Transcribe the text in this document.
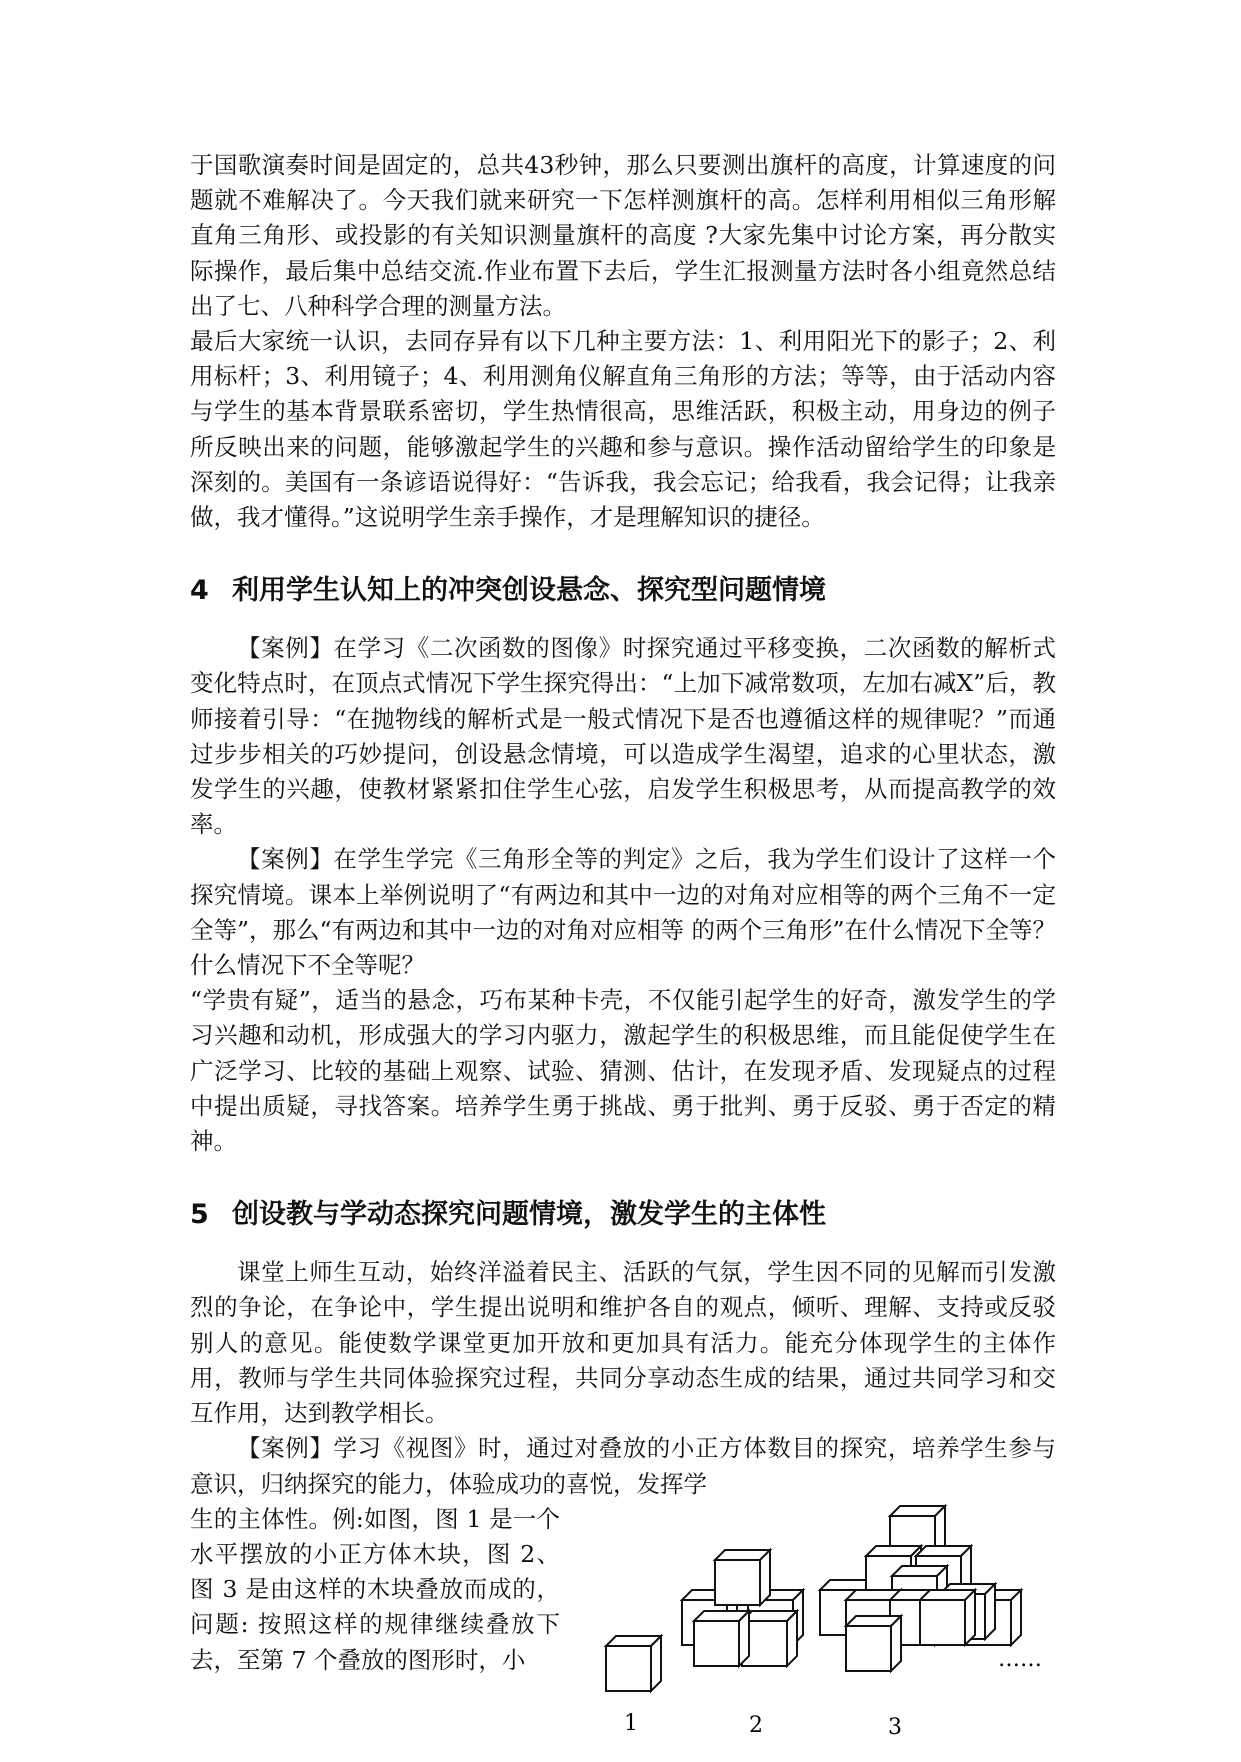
于国歌演奏时间是固定的，总共43秒钟，那么只要测出旗杆的高度，计算速度的问题就不难解决了。今天我们就来研究一下怎样测旗杆的高。怎样利用相似三角形解直角三角形、或投影的有关知识测量旗杆的高度 ?大家先集中讨论方案，再分散实际操作，最后集中总结交流.作业布置下去后，学生汇报测量方法时各小组竟然总结出了七、八种科学合理的测量方法。

最后大家统一认识，去同存异有以下几种主要方法：1、利用阳光下的影子；2、利用标杆；3、利用镜子；4、利用测角仪解直角三角形的方法；等等，由于活动内容与学生的基本背景联系密切，学生热情很高，思维活跃，积极主动，用身边的例子所反映出来的问题，能够激起学生的兴趣和参与意识。操作活动留给学生的印象是深刻的。美国有一条谚语说得好：“告诉我，我会忘记；给我看，我会记得；让我亲做，我才懂得。”这说明学生亲手操作，才是理解知识的捷径。

4 利用学生认知上的冲突创设悬念、探究型问题情境

【案例】在学习《二次函数的图像》时探究通过平移变换，二次函数的解析式变化特点时，在顶点式情况下学生探究得出：“上加下减常数项，左加右减X”后，教师接着引导：“在抛物线的解析式是一般式情况下是否也遵循这样的规律呢？”而通过步步相关的巧妙提问，创设悬念情境，可以造成学生渴望，追求的心里状态，激发学生的兴趣，使教材紧紧扣住学生心弦，启发学生积极思考，从而提高教学的效率。

【案例】在学生学完《三角形全等的判定》之后，我为学生们设计了这样一个探究情境。课本上举例说明了“有两边和其中一边的对角对应相等的两个三角不一定全等”，那么“有两边和其中一边的对角对应相等 的两个三角形”在什么情况下全等？什么情况下不全等呢？

“学贵有疑”，适当的悬念，巧布某种卡壳，不仅能引起学生的好奇，激发学生的学习兴趣和动机，形成强大的学习内驱力，激起学生的积极思维，而且能促使学生在广泛学习、比较的基础上观察、试验、猜测、估计，在发现矛盾、发现疑点的过程中提出质疑，寻找答案。培养学生勇于挑战、勇于批判、勇于反驳、勇于否定的精神。

5 创设教与学动态探究问题情境，激发学生的主体性

课堂上师生互动，始终洋溢着民主、活跃的气氛，学生因不同的见解而引发激烈的争论，在争论中，学生提出说明和维护各自的观点，倾听、理解、支持或反驳别人的意见。能使数学课堂更加开放和更加具有活力。能充分体现学生的主体作用，教师与学生共同体验探究过程，共同分享动态生成的结果，通过共同学习和交互作用，达到教学相长。

【案例】学习《视图》时，通过对叠放的小正方体数目的探究，培养学生参与意识，归纳探究的能力，体验成功的喜悦，发挥学

生的主体性。例:如图，图 1 是一个水平摆放的小正方体木块，图 2、图 3 是由这样的木块叠放而成的，问题: 按照这样的规律继续叠放下去，至第 7 个叠放的图形时，小

1	2	3
……
